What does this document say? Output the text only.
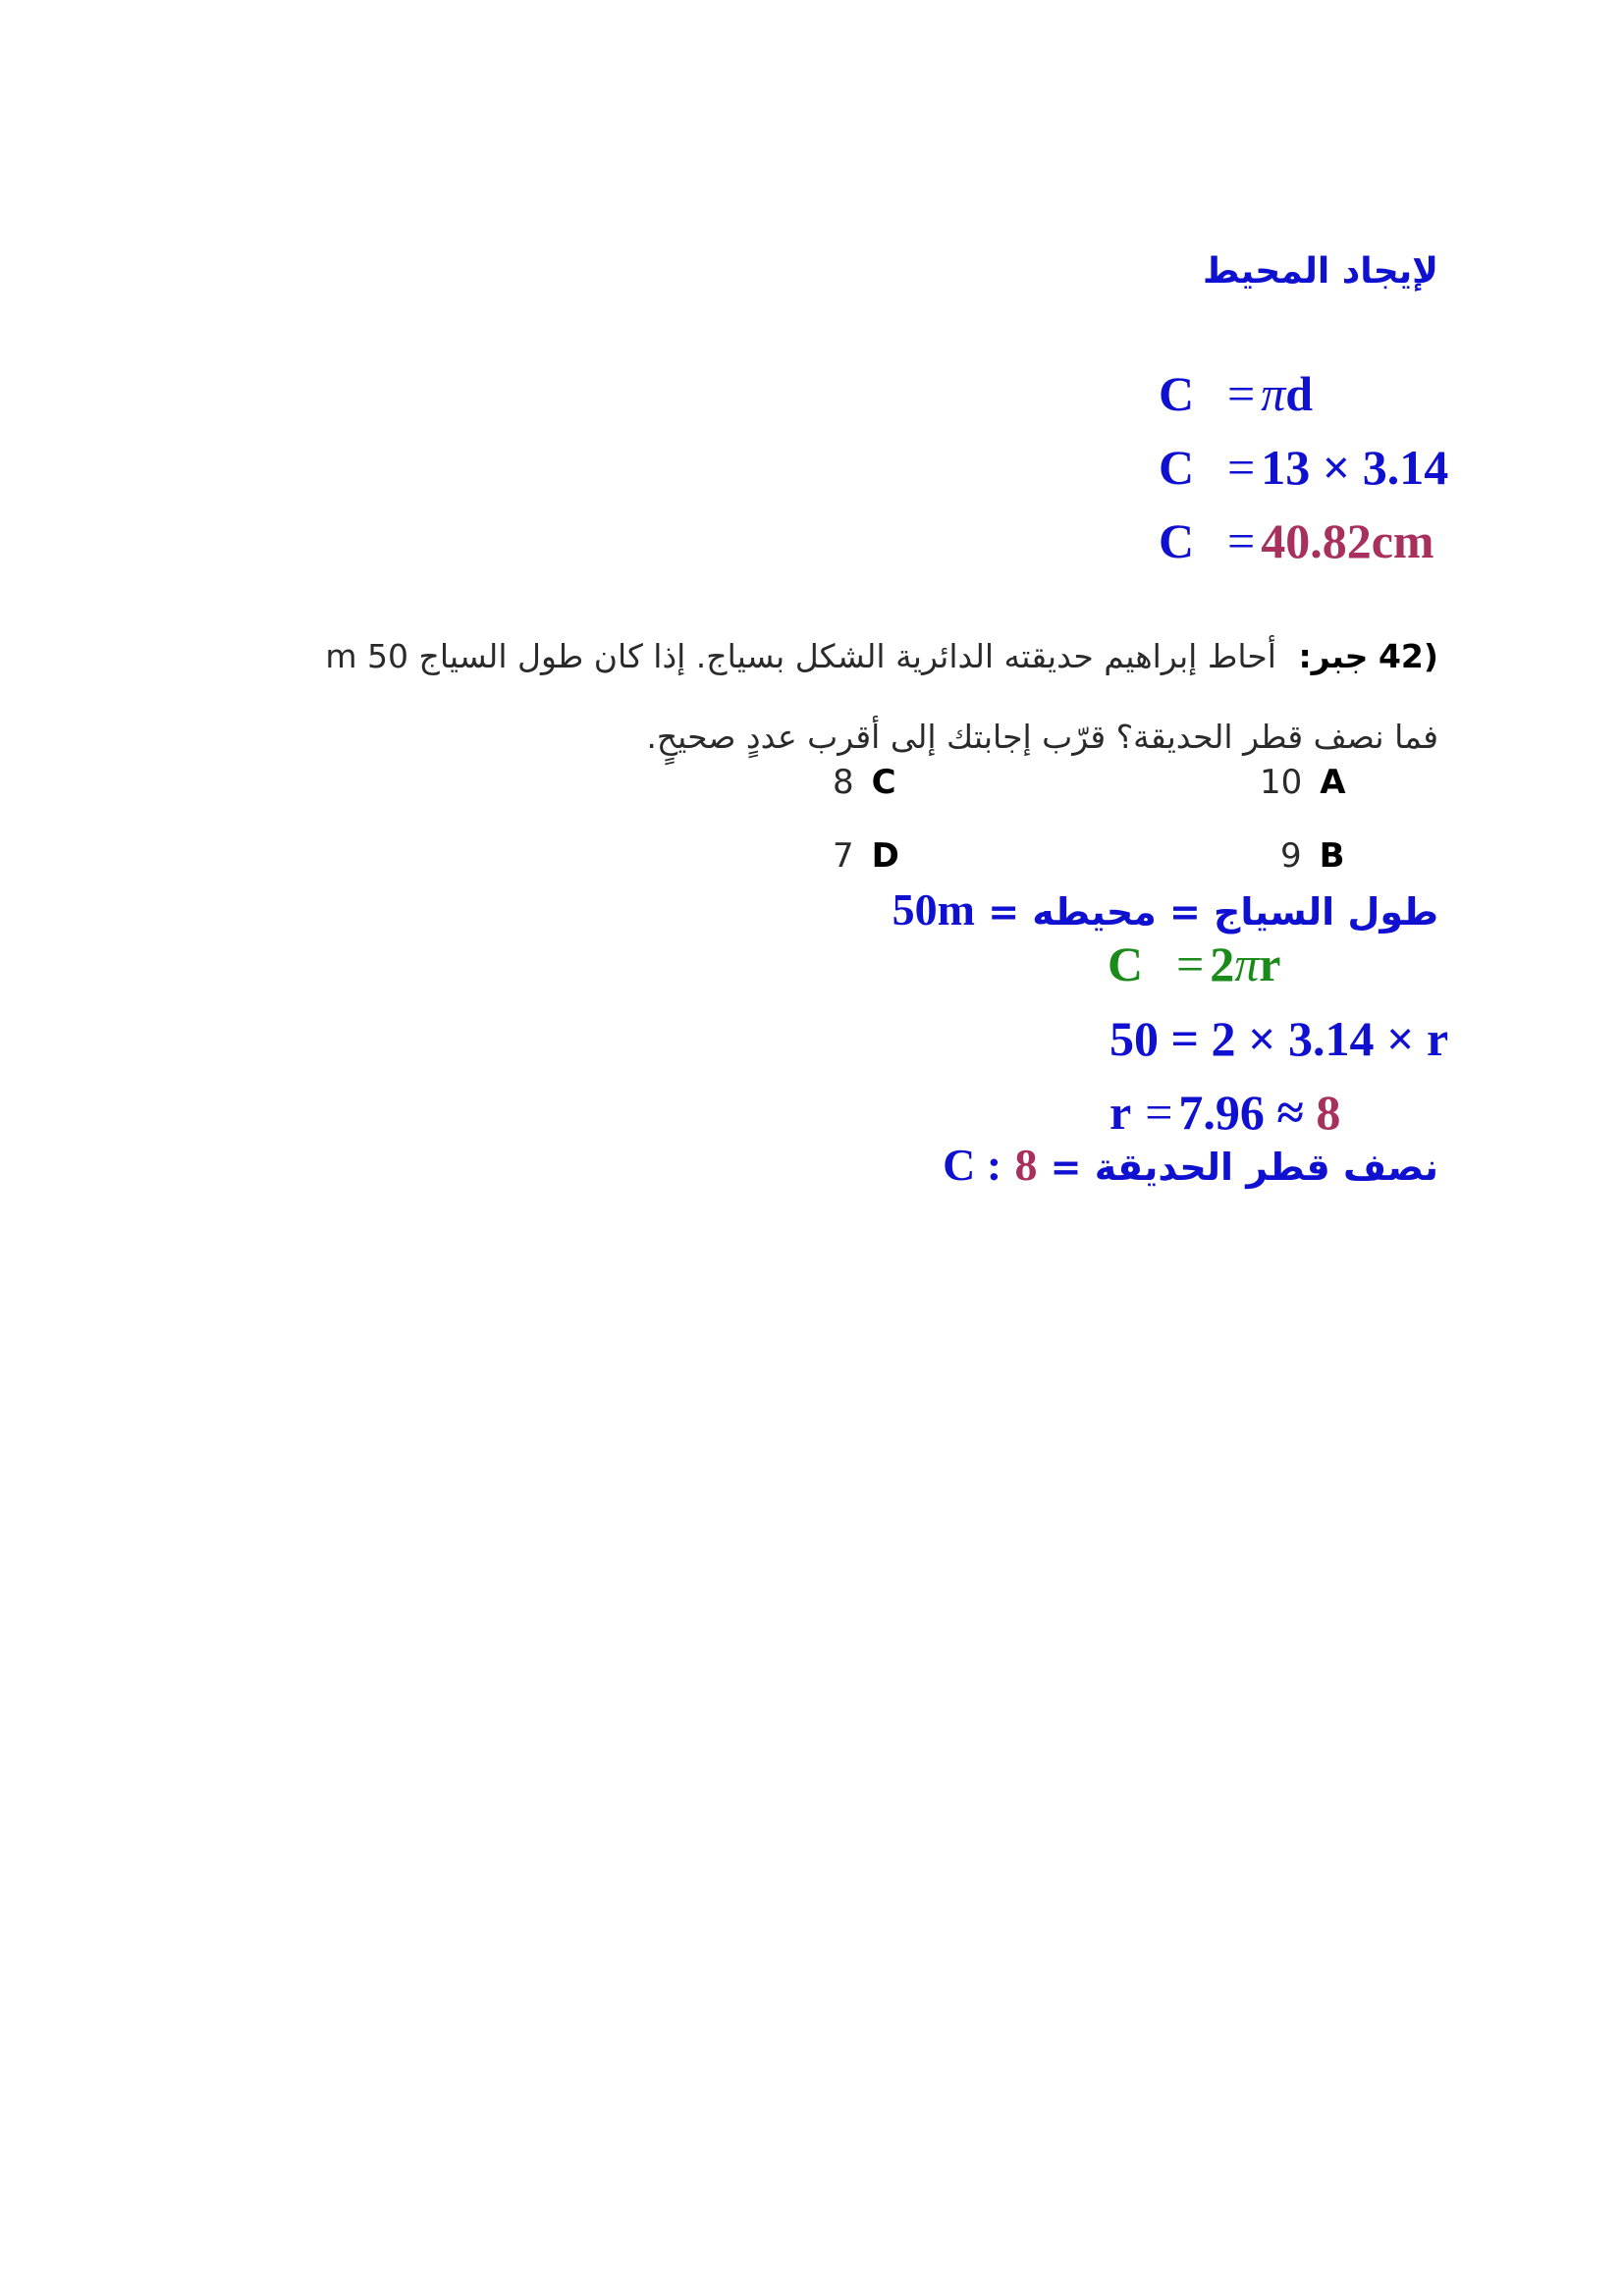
لإيجاد المحيط
C = πd
C = 13 × 3.14
C = 40.82cm
(42 جبر: أحاط إبراهيم حديقته الدائرية الشكل بسياج. إذا كان طول السياج 50 m
فما نصف قطر الحديقة؟ قرّب إجابتك إلى أقرب عددٍ صحيحٍ.
10 A
8 C
9 B
7 D
طول السياج = محيطه = 50m
C = 2πr
50 = 2 × 3.14 × r
r = 7.96 ≈ 8
نصف قطر الحديقة = C : 8
